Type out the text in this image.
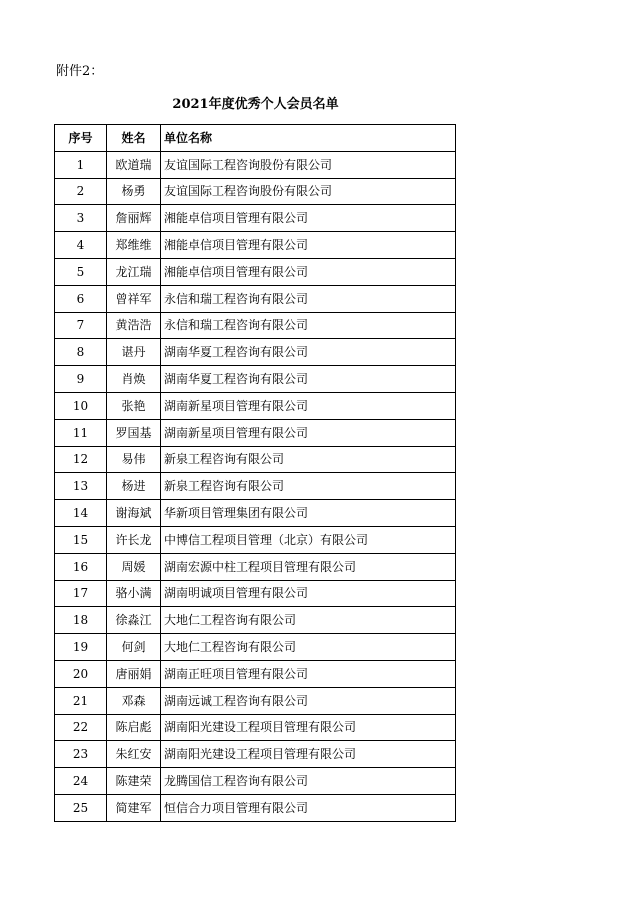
附件2：
2021年度优秀个人会员名单
序号	姓名	单位名称
1	欧道瑞	友谊国际工程咨询股份有限公司
2	杨勇	友谊国际工程咨询股份有限公司
3	詹丽辉	湘能卓信项目管理有限公司
4	郑维维	湘能卓信项目管理有限公司
5	龙江瑞	湘能卓信项目管理有限公司
6	曾祥军	永信和瑞工程咨询有限公司
7	黄浩浩	永信和瑞工程咨询有限公司
8	谌丹	湖南华夏工程咨询有限公司
9	肖焕	湖南华夏工程咨询有限公司
10	张艳	湖南新星项目管理有限公司
11	罗国基	湖南新星项目管理有限公司
12	易伟	新泉工程咨询有限公司
13	杨进	新泉工程咨询有限公司
14	谢海斌	华新项目管理集团有限公司
15	许长龙	中博信工程项目管理（北京）有限公司
16	周媛	湖南宏源中柱工程项目管理有限公司
17	骆小满	湖南明诚项目管理有限公司
18	徐淼江	大地仁工程咨询有限公司
19	何剑	大地仁工程咨询有限公司
20	唐丽娟	湖南正旺项目管理有限公司
21	邓森	湖南远诚工程咨询有限公司
22	陈启彪	湖南阳光建设工程项目管理有限公司
23	朱红安	湖南阳光建设工程项目管理有限公司
24	陈建荣	龙腾国信工程咨询有限公司
25	简建军	恒信合力项目管理有限公司
